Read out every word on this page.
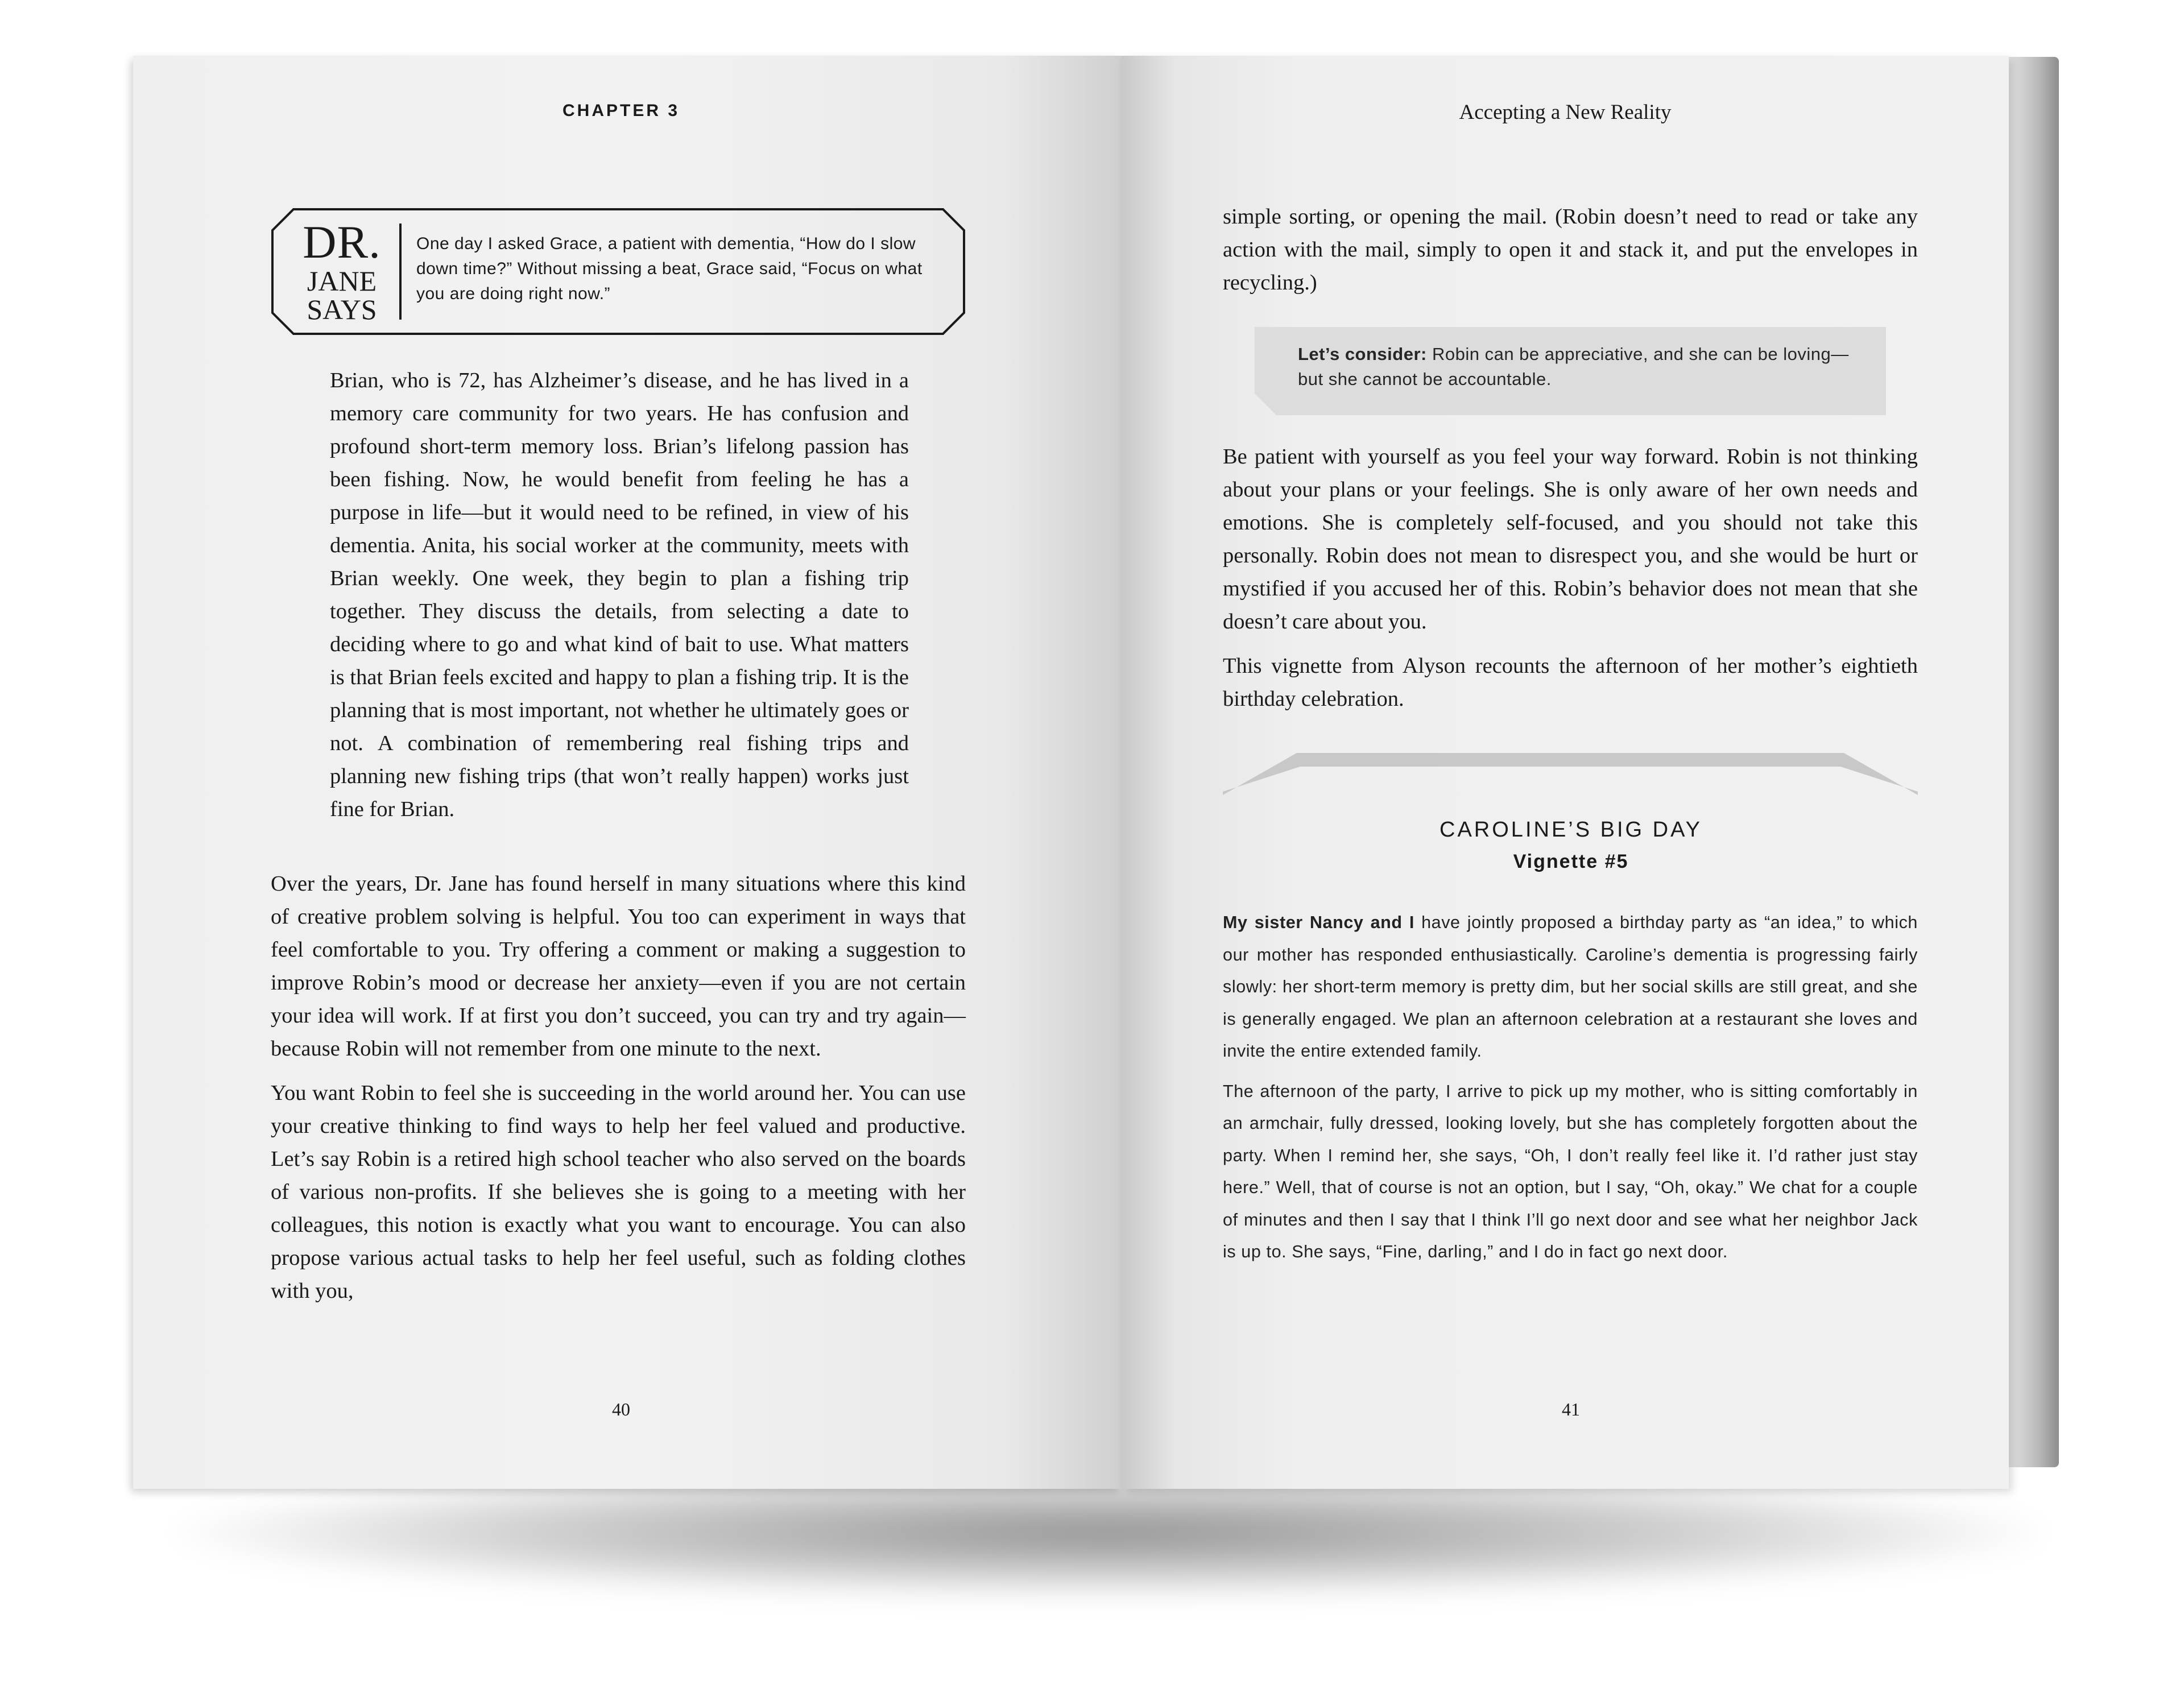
CHAPTER 3
DR.
JANE
SAYS
One day I asked Grace, a patient with dementia, “How do I slow down time?” Without missing a beat, Grace said, “Focus on what you are doing right now.”

Brian, who is 72, has Alzheimer’s disease, and he has lived in a memory care community for two years. He has confusion and profound short-term memory loss. Brian’s lifelong passion has been fishing. Now, he would benefit from feeling he has a purpose in life—but it would need to be refined, in view of his dementia. Anita, his social worker at the community, meets with Brian weekly. One week, they begin to plan a fishing trip together. They discuss the details, from selecting a date to deciding where to go and what kind of bait to use. What matters is that Brian feels excited and happy to plan a fishing trip. It is the planning that is most important, not whether he ultimately goes or not. A combination of remembering real fishing trips and planning new fishing trips (that won’t really happen) works just fine for Brian.

Over the years, Dr. Jane has found herself in many situations where this kind of creative problem solving is helpful. You too can experiment in ways that feel comfortable to you. Try offering a comment or making a suggestion to improve Robin’s mood or decrease her anxiety—even if you are not certain your idea will work. If at first you don’t succeed, you can try and try again—because Robin will not remember from one minute to the next.

You want Robin to feel she is succeeding in the world around her. You can use your creative thinking to find ways to help her feel valued and productive. Let’s say Robin is a retired high school teacher who also served on the boards of various non-profits. If she believes she is going to a meeting with her colleagues, this notion is exactly what you want to encourage. You can also propose various actual tasks to help her feel useful, such as folding clothes with you,

40
Accepting a New Reality

simple sorting, or opening the mail. (Robin doesn’t need to read or take any action with the mail, simply to open it and stack it, and put the envelopes in recycling.)

Let’s consider: Robin can be appreciative, and she can be loving—but she cannot be accountable.

Be patient with yourself as you feel your way forward. Robin is not thinking about your plans or your feelings. She is only aware of her own needs and emotions. She is completely self-focused, and you should not take this personally. Robin does not mean to disrespect you, and she would be hurt or mystified if you accused her of this. Robin’s behavior does not mean that she doesn’t care about you.

This vignette from Alyson recounts the afternoon of her mother’s eightieth birthday celebration.

CAROLINE’S BIG DAY
Vignette #5

My sister Nancy and I have jointly proposed a birthday party as “an idea,” to which our mother has responded enthusiastically. Caroline’s dementia is progressing fairly slowly: her short-term memory is pretty dim, but her social skills are still great, and she is generally engaged. We plan an afternoon celebration at a restaurant she loves and invite the entire extended family.

The afternoon of the party, I arrive to pick up my mother, who is sitting comfortably in an armchair, fully dressed, looking lovely, but she has completely forgotten about the party. When I remind her, she says, “Oh, I don’t really feel like it. I’d rather just stay here.” Well, that of course is not an option, but I say, “Oh, okay.” We chat for a couple of minutes and then I say that I think I’ll go next door and see what her neighbor Jack is up to. She says, “Fine, darling,” and I do in fact go next door.

41
